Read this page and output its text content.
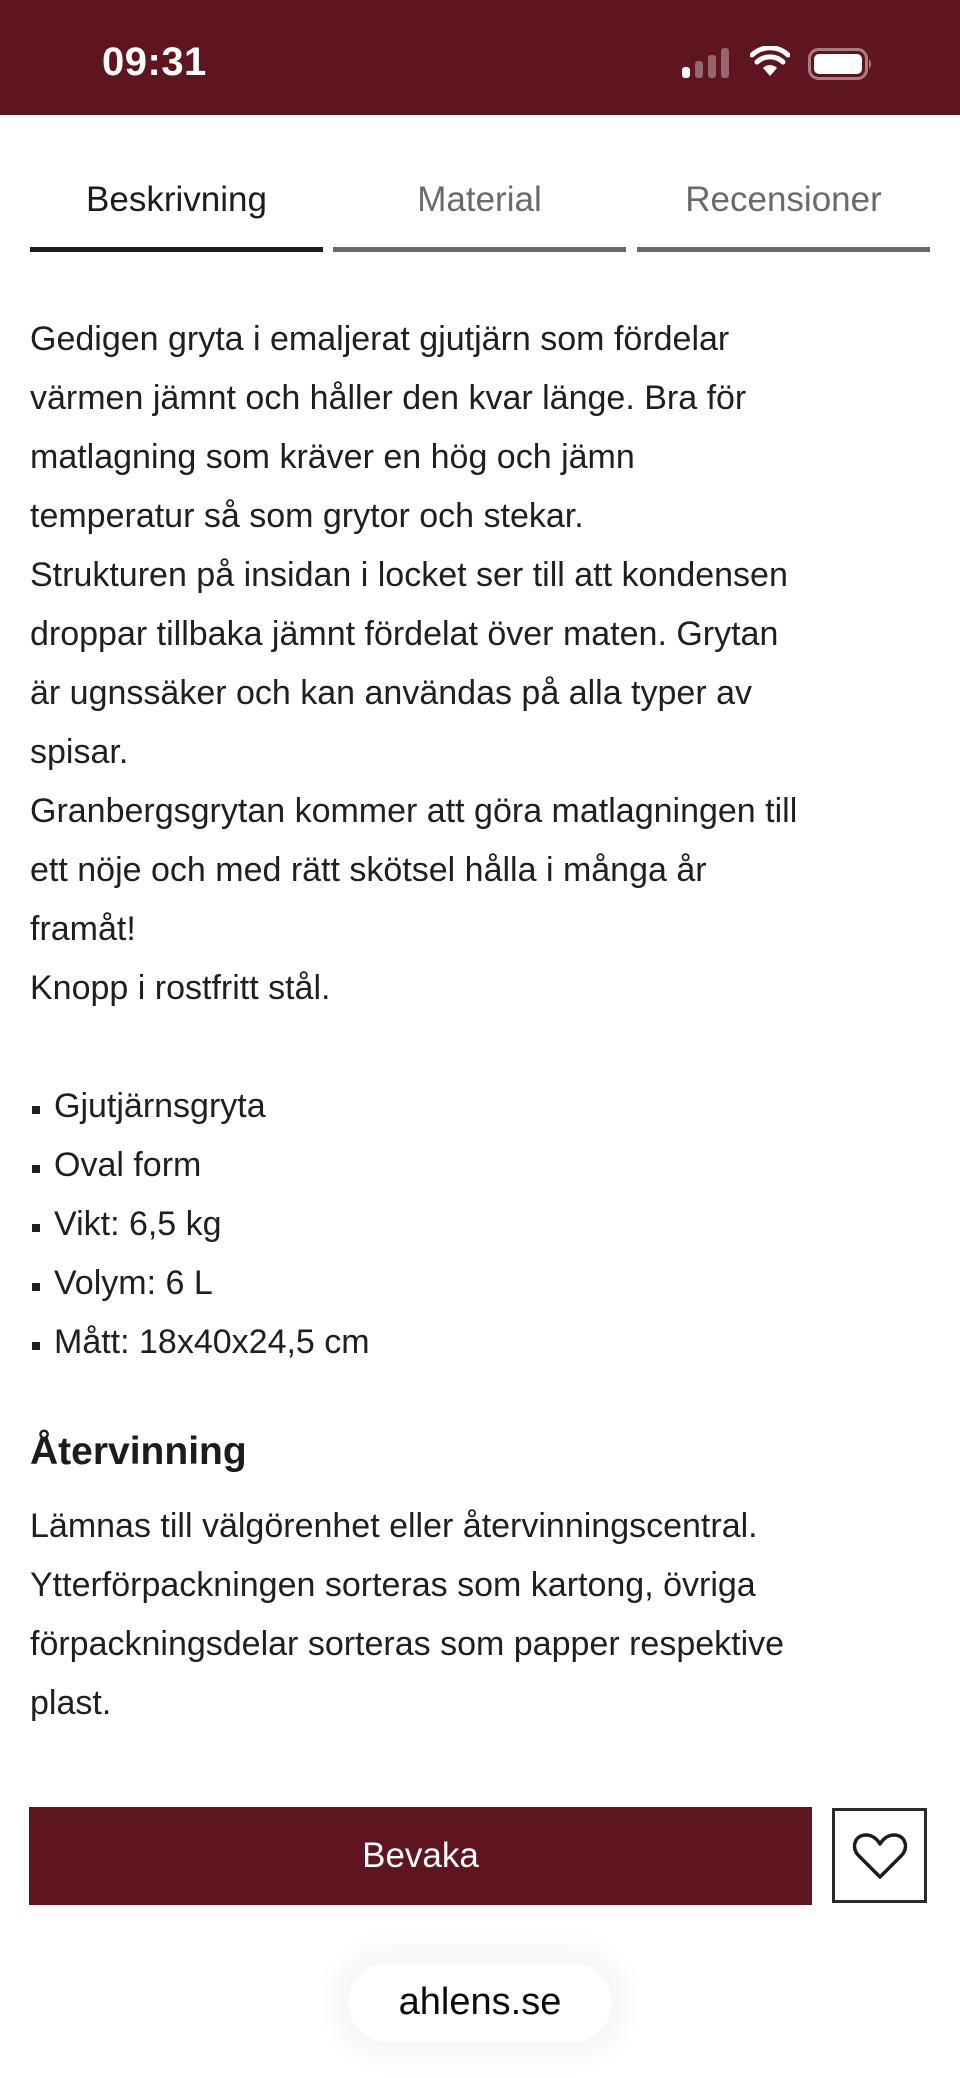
09:31
Beskrivning	Material	Recensioner
Gedigen gryta i emaljerat gjutjärn som fördelar
värmen jämnt och håller den kvar länge. Bra för
matlagning som kräver en hög och jämn
temperatur så som grytor och stekar.
Strukturen på insidan i locket ser till att kondensen
droppar tillbaka jämnt fördelat över maten. Grytan
är ugnssäker och kan användas på alla typer av
spisar.
Granbergsgrytan kommer att göra matlagningen till
ett nöje och med rätt skötsel hålla i många år
framåt!
Knopp i rostfritt stål.
Gjutjärnsgryta
Oval form
Vikt: 6,5 kg
Volym: 6 L
Mått: 18x40x24,5 cm
Återvinning
Lämnas till välgörenhet eller återvinningscentral.
Ytterförpackningen sorteras som kartong, övriga
förpackningsdelar sorteras som papper respektive
plast.
Bevaka
ahlens.se
